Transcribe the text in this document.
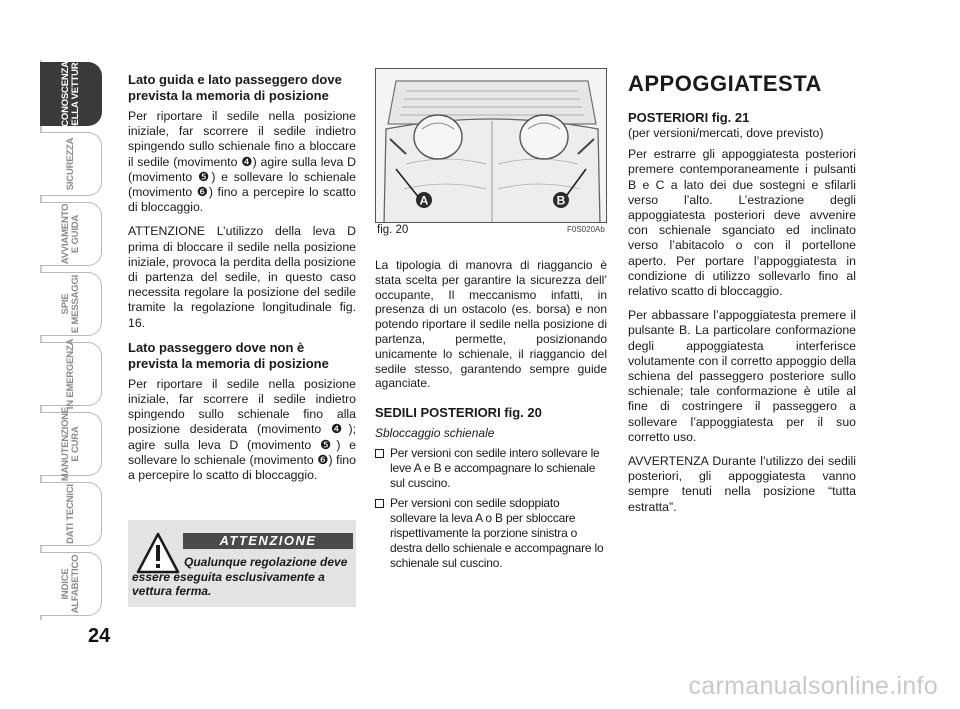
CONOSCENZA
DELLA VETTURA
SICUREZZA
AVVIAMENTO
E GUIDA
SPIE
E MESSAGGI
IN EMERGENZA
MANUTENZIONE
E CURA
DATI TECNICI
INDICE
ALFABETICO
24
Lato guida e lato passeggero dove prevista la memoria di posizione

Per riportare il sedile nella posizione iniziale, far scorrere il sedile indietro spingendo sullo schienale fino a bloccare il sedile (movimento ❹) agire sulla leva D (movimento ❺) e sollevare lo schienale (movimento ❻) fino a percepire lo scatto di bloccaggio.

ATTENZIONE L’utilizzo della leva D prima di bloccare il sedile nella posizione iniziale, provoca la perdita della posizione di partenza del sedile, in questo caso necessita regolare la posizione del sedile tramite la regolazione longitudinale fig. 16.

Lato passeggero dove non è prevista la memoria di posizione

Per riportare il sedile nella posizione iniziale, far scorrere il sedile indietro spingendo sullo schienale fino alla posizione desiderata (movimento ❹); agire sulla leva D (movimento ❺) e sollevare lo schienale (movimento ❻) fino a percepire lo scatto di bloccaggio.

ATTENZIONE
Qualunque regolazione deve essere eseguita esclusivamente a vettura ferma.
A	B
fig. 20	F0S020Ab

La tipologia di manovra di riaggancio è stata scelta per garantire la sicurezza dell’ occupante, Il meccanismo infatti, in presenza di un ostacolo (es. borsa) e non potendo riportare il sedile nella posizione di partenza, permette, posizionando unicamente lo schienale, il riaggancio del sedile stesso, garantendo sempre guide aganciate.

SEDILI POSTERIORI fig. 20
Sbloccaggio schienale
Per versioni con sedile intero sollevare le leve A e B e accompagnare lo schienale sul cuscino.
Per versioni con sedile sdoppiato sollevare la leva A o B per sbloccare rispettivamente la porzione sinistra o destra dello schienale e accompagnare lo schienale sul cuscino.
APPOGGIATESTA
POSTERIORI fig. 21
(per versioni/mercati, dove previsto)

Per estrarre gli appoggiatesta posteriori premere contemporaneamente i pulsanti B e C a lato dei due sostegni e sfilarli verso l’alto. L’estrazione degli appoggiatesta posteriori deve avvenire con schienale sganciato ed inclinato verso l’abitacolo o con il portellone aperto. Per portare l’appoggiatesta in condizione di utilizzo sollevarlo fino al relativo scatto di bloccaggio.

Per abbassare l’appoggiatesta premere il pulsante B. La particolare conformazione degli appoggiatesta interferisce volutamente con il corretto appoggio della schiena del passeggero posteriore sullo schienale; tale conformazione è utile al fine di costringere il passeggero a sollevare l’appoggiatesta per il suo corretto uso.

AVVERTENZA Durante l’utilizzo dei sedili posteriori, gli appoggiatesta vanno sempre tenuti nella posizione “tutta estratta”.

carmanualsonline.info
